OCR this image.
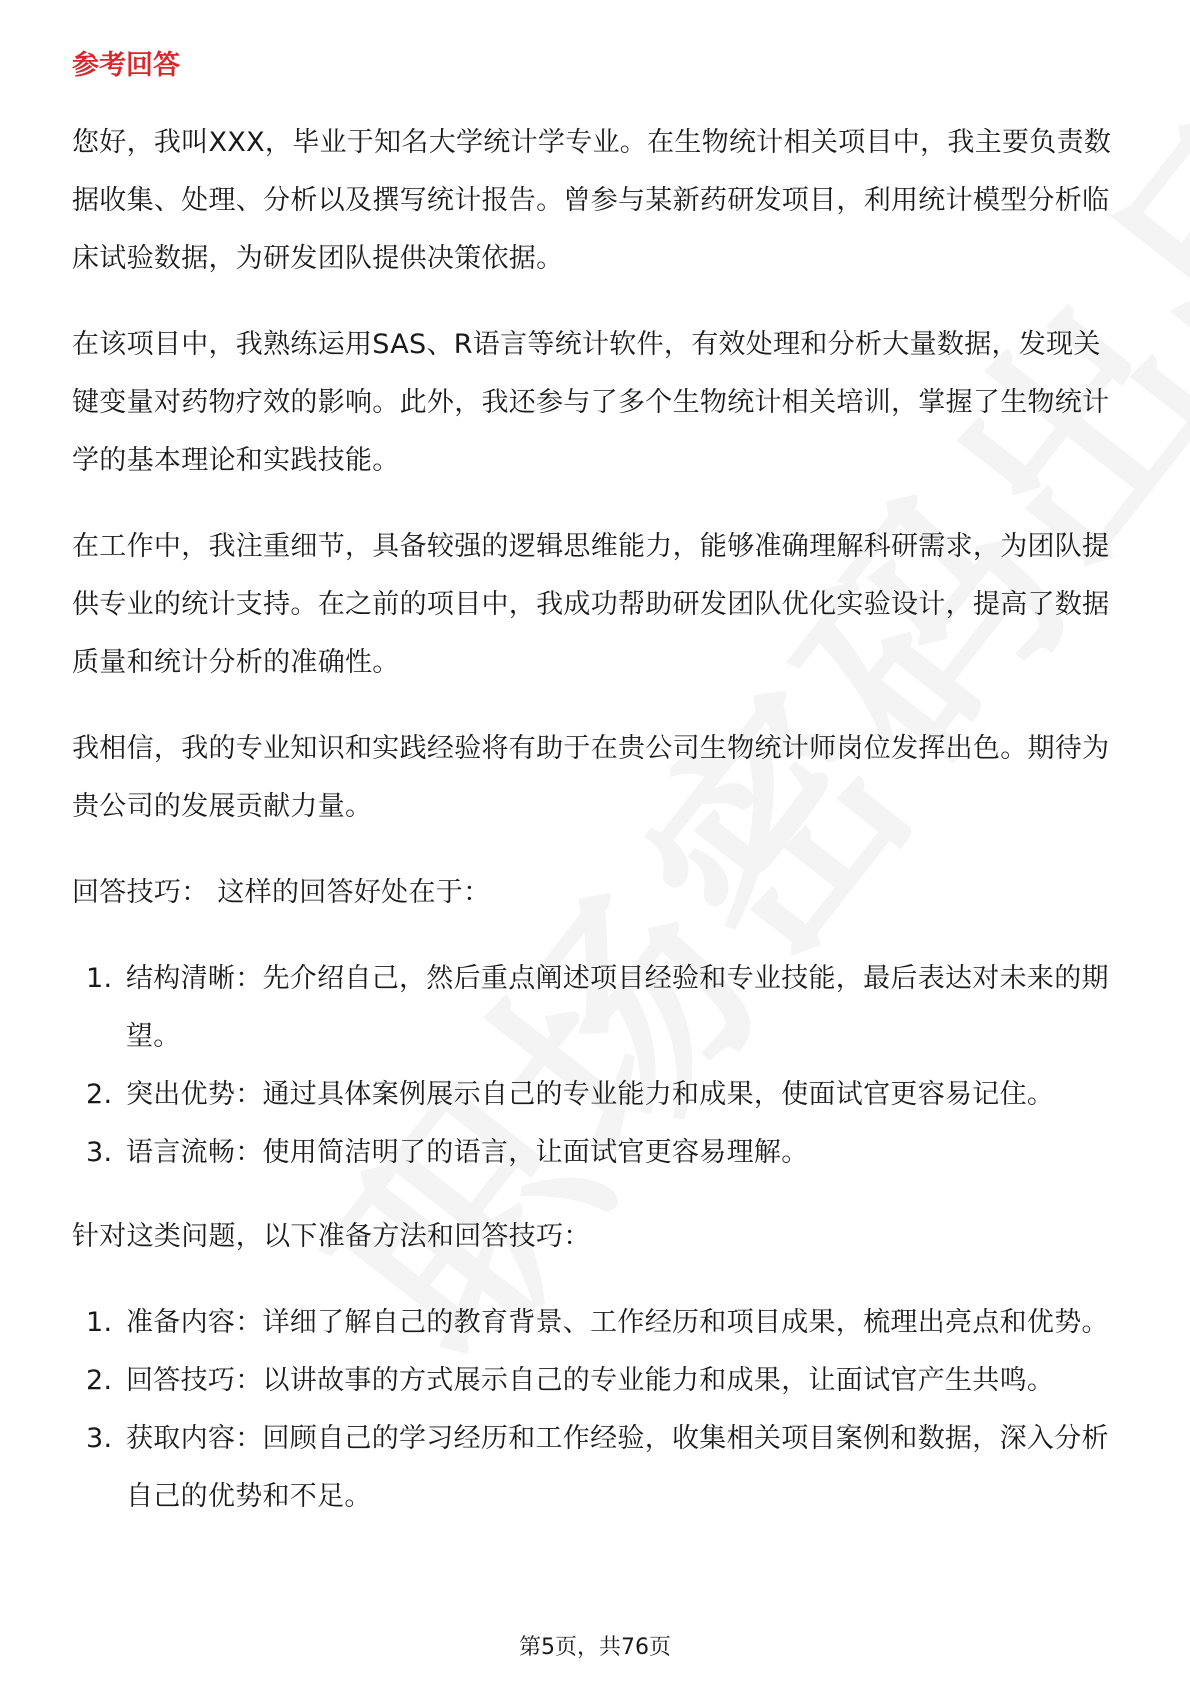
参考回答

您好，我叫XXX，毕业于知名大学统计学专业。在生物统计相关项目中，我主要负责数据收集、处理、分析以及撰写统计报告。曾参与某新药研发项目，利用统计模型分析临床试验数据，为研发团队提供决策依据。

在该项目中，我熟练运用SAS、R语言等统计软件，有效处理和分析大量数据，发现关键变量对药物疗效的影响。此外，我还参与了多个生物统计相关培训，掌握了生物统计学的基本理论和实践技能。

在工作中，我注重细节，具备较强的逻辑思维能力，能够准确理解科研需求，为团队提供专业的统计支持。在之前的项目中，我成功帮助研发团队优化实验设计，提高了数据质量和统计分析的准确性。

我相信，我的专业知识和实践经验将有助于在贵公司生物统计师岗位发挥出色。期待为贵公司的发展贡献力量。

回答技巧： 这样的回答好处在于：

1. 结构清晰：先介绍自己，然后重点阐述项目经验和专业技能，最后表达对未来的期望。
2. 突出优势：通过具体案例展示自己的专业能力和成果，使面试官更容易记住。
3. 语言流畅：使用简洁明了的语言，让面试官更容易理解。

针对这类问题，以下准备方法和回答技巧：

1. 准备内容：详细了解自己的教育背景、工作经历和项目成果，梳理出亮点和优势。
2. 回答技巧：以讲故事的方式展示自己的专业能力和成果，让面试官产生共鸣。
3. 获取内容：回顾自己的学习经历和工作经验，收集相关项目案例和数据，深入分析自己的优势和不足。
第5页，共76页
